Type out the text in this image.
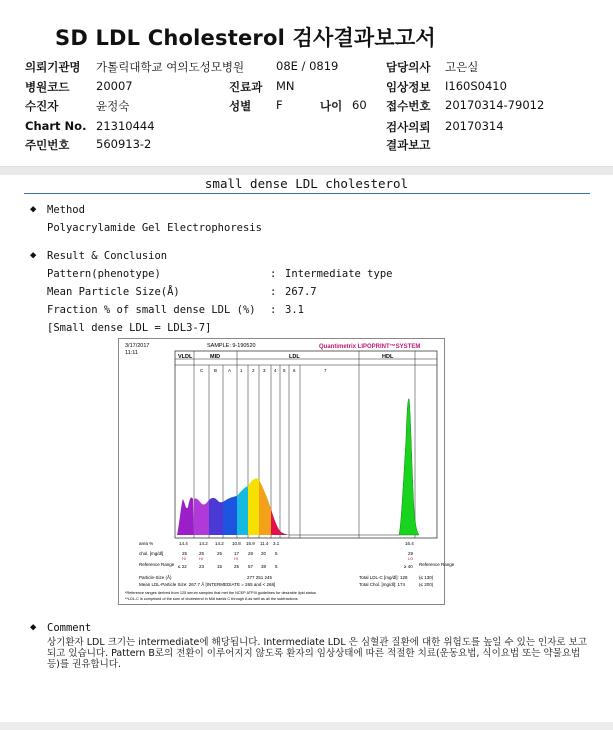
SD LDL Cholesterol 검사결과보고서
의뢰기관명 가톨릭대학교 여의도성모병원	08E / 0819	담당의사 고은실
병원코드 20007	진료과 MN	임상정보 I160S0410
수진자	윤정숙	성별 F	나이 60 접수번호 20170314-79012
Chart No. 21310444	검사의뢰 20170314
주민번호 560913-2	결과보고
small dense LDL cholesterol
◆ Method
Polyacrylamide Gel Electrophoresis
◆ Result & Conclusion
Pattern(phenotype)	: Intermediate type
Mean Particle Size(Å)	: 267.7
Fraction % of small dense LDL (%) : 3.1
[Small dense LDL = LDL3-7]
3/17/2017
11:11
SAMPLE: 9-190520	Quantimetrix LIPOPRINT™SYSTEM
VLDL	MID	LDL	HDL
C B A 1 2 3 4 5 6	7
area %	14.4 14.2 14.2 10.8 15.9 11.4 3.1	16.4
chol. [mg/dl]	25	25	25	17 28 20 5	29
HI	HI	HI	LO
Reference Range ≤ 22	23	15	25 57 38 5	≥ 40 Reference Range
Particle-Size (Å)	277 251 245
Mean LDL-Particle Size: 267.7 Å [INTERMEDIATE = 265 and < 268]
Total LDL-C [mg/dl]: 128	(≤ 130)
Total Chol. [mg/dl]: 174	(≤ 200)
*Reference ranges derived from 125 serum samples that met the NCEP ATPIII guidelines for desirable lipid status
**LDL-C is comprised of the sum of cholesterol in Mid bands C through A as well as all the subfractions
◆ Comment
상기환자 LDL 크기는 intermediate에 해당됩니다. Intermediate LDL 은 심혈관 질환에 대한 위험도를 높일 수 있는 인자로 보고되고 있습니다. Pattern B로의 전환이 이루어지지 않도록 환자의 임상상태에 따른 적절한 치료(운동요법, 식이요법 또는 약물요법 등)를 권유합니다.
